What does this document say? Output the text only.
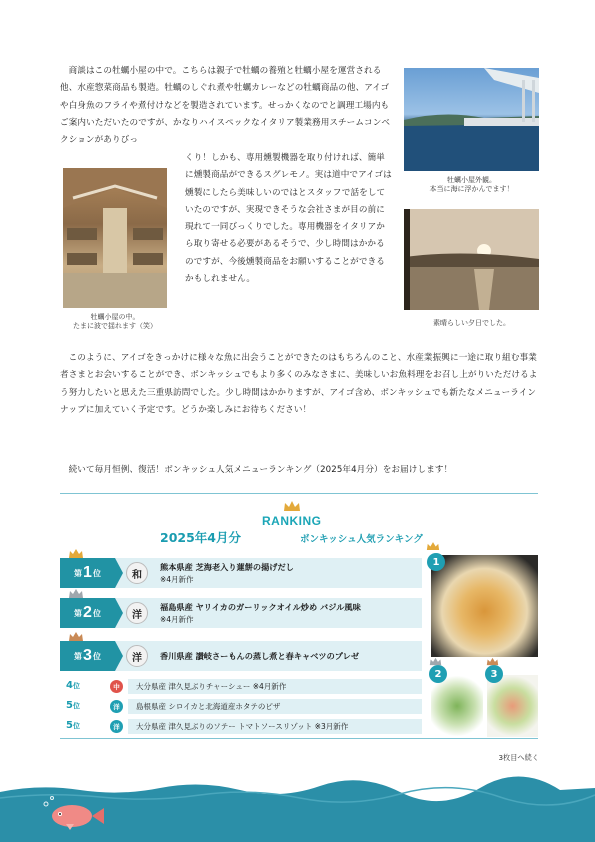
商談はこの牡蠣小屋の中で。こちらは親子で牡蠣の養殖と牡蠣小屋を運営される他、水産惣菜商品も製造。牡蠣のしぐれ煮や牡蠣カレーなどの牡蠣商品の他、アイゴや白身魚のフライや煮付けなどを製造されています。せっかくなのでと調理工場内もご案内いただいたのですが、かなりハイスペックなイタリア製業務用スチームコンベクションがありびっ

くり！しかも、専用燻製機器を取り付ければ、簡単に燻製商品ができるスグレモノ。実は道中でアイゴは燻製にしたら美味しいのではとスタッフで話をしていたのですが、実現できそうな会社さまが目の前に現れて一同びっくりでした。専用機器をイタリアから取り寄せる必要があるそうで、少し時間はかかるのですが、今後燻製商品をお願いすることができるかもしれません。

牡蠣小屋外観。
本当に海に浮かんでます！
牡蠣小屋の中。
たまに波で揺れます（笑）	素晴らしい夕日でした。

このように、アイゴをきっかけに様々な魚に出会うことができたのはもちろんのこと、水産業振興に一途に取り組む事業者さまとお会いすることができ、ボンキッシュでもより多くのみなさまに、美味しいお魚料理をお召し上がりいただけるよう努力したいと思えた三重県訪問でした。少し時間はかかりますが、アイゴ含め、ボンキッシュでも新たなメニューラインナップに加えていく予定です。どうか楽しみにお待ちください！

続いて毎月恒例、復活！ボンキッシュ人気メニューランキング（2025年4月分）をお届けします！

RANKING
2025年4月分	ボンキッシュ人気ランキング
第 1 位	和
熊本県産 芝海老入り蓮餅の揚げだし
※4月新作
第 2 位	洋
福島県産 ヤリイカのガーリックオイル炒め バジル風味
※4月新作
第 3 位	洋	香川県産 讃岐さーもんの蒸し煮と春キャベツのプレゼ
4位	中	大分県産 津久見ぶりチャーシュー ※4月新作
5位	洋	島根県産 シロイカと北海道産ホタテのピザ
5位	洋	大分県産 津久見ぶりのソテー トマトソースリゾット ※3月新作
1
2	3
3枚目へ続く
